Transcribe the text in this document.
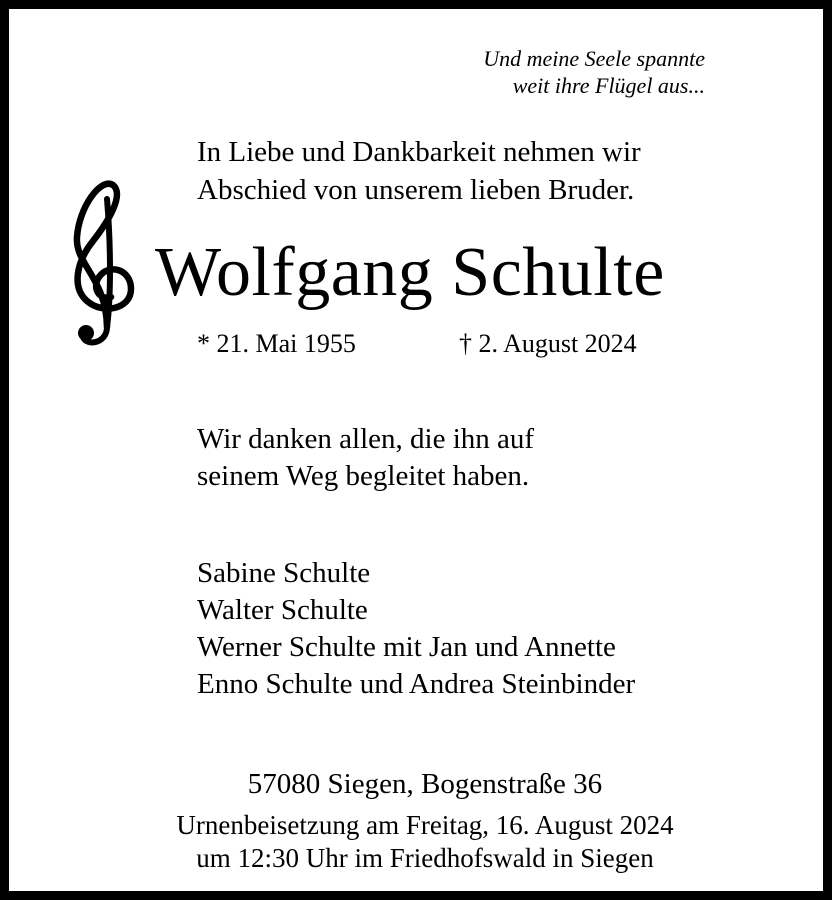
Und meine Seele spannte
weit ihre Flügel aus...
In Liebe und Dankbarkeit nehmen wir
Abschied von unserem lieben Bruder.
Wolfgang Schulte
* 21. Mai 1955	† 2. August 2024
Wir danken allen, die ihn auf
seinem Weg begleitet haben.
Sabine Schulte
Walter Schulte
Werner Schulte mit Jan und Annette
Enno Schulte und Andrea Steinbinder
57080 Siegen, Bogenstraße 36
Urnenbeisetzung am Freitag, 16. August 2024
um 12:30 Uhr im Friedhofswald in Siegen
